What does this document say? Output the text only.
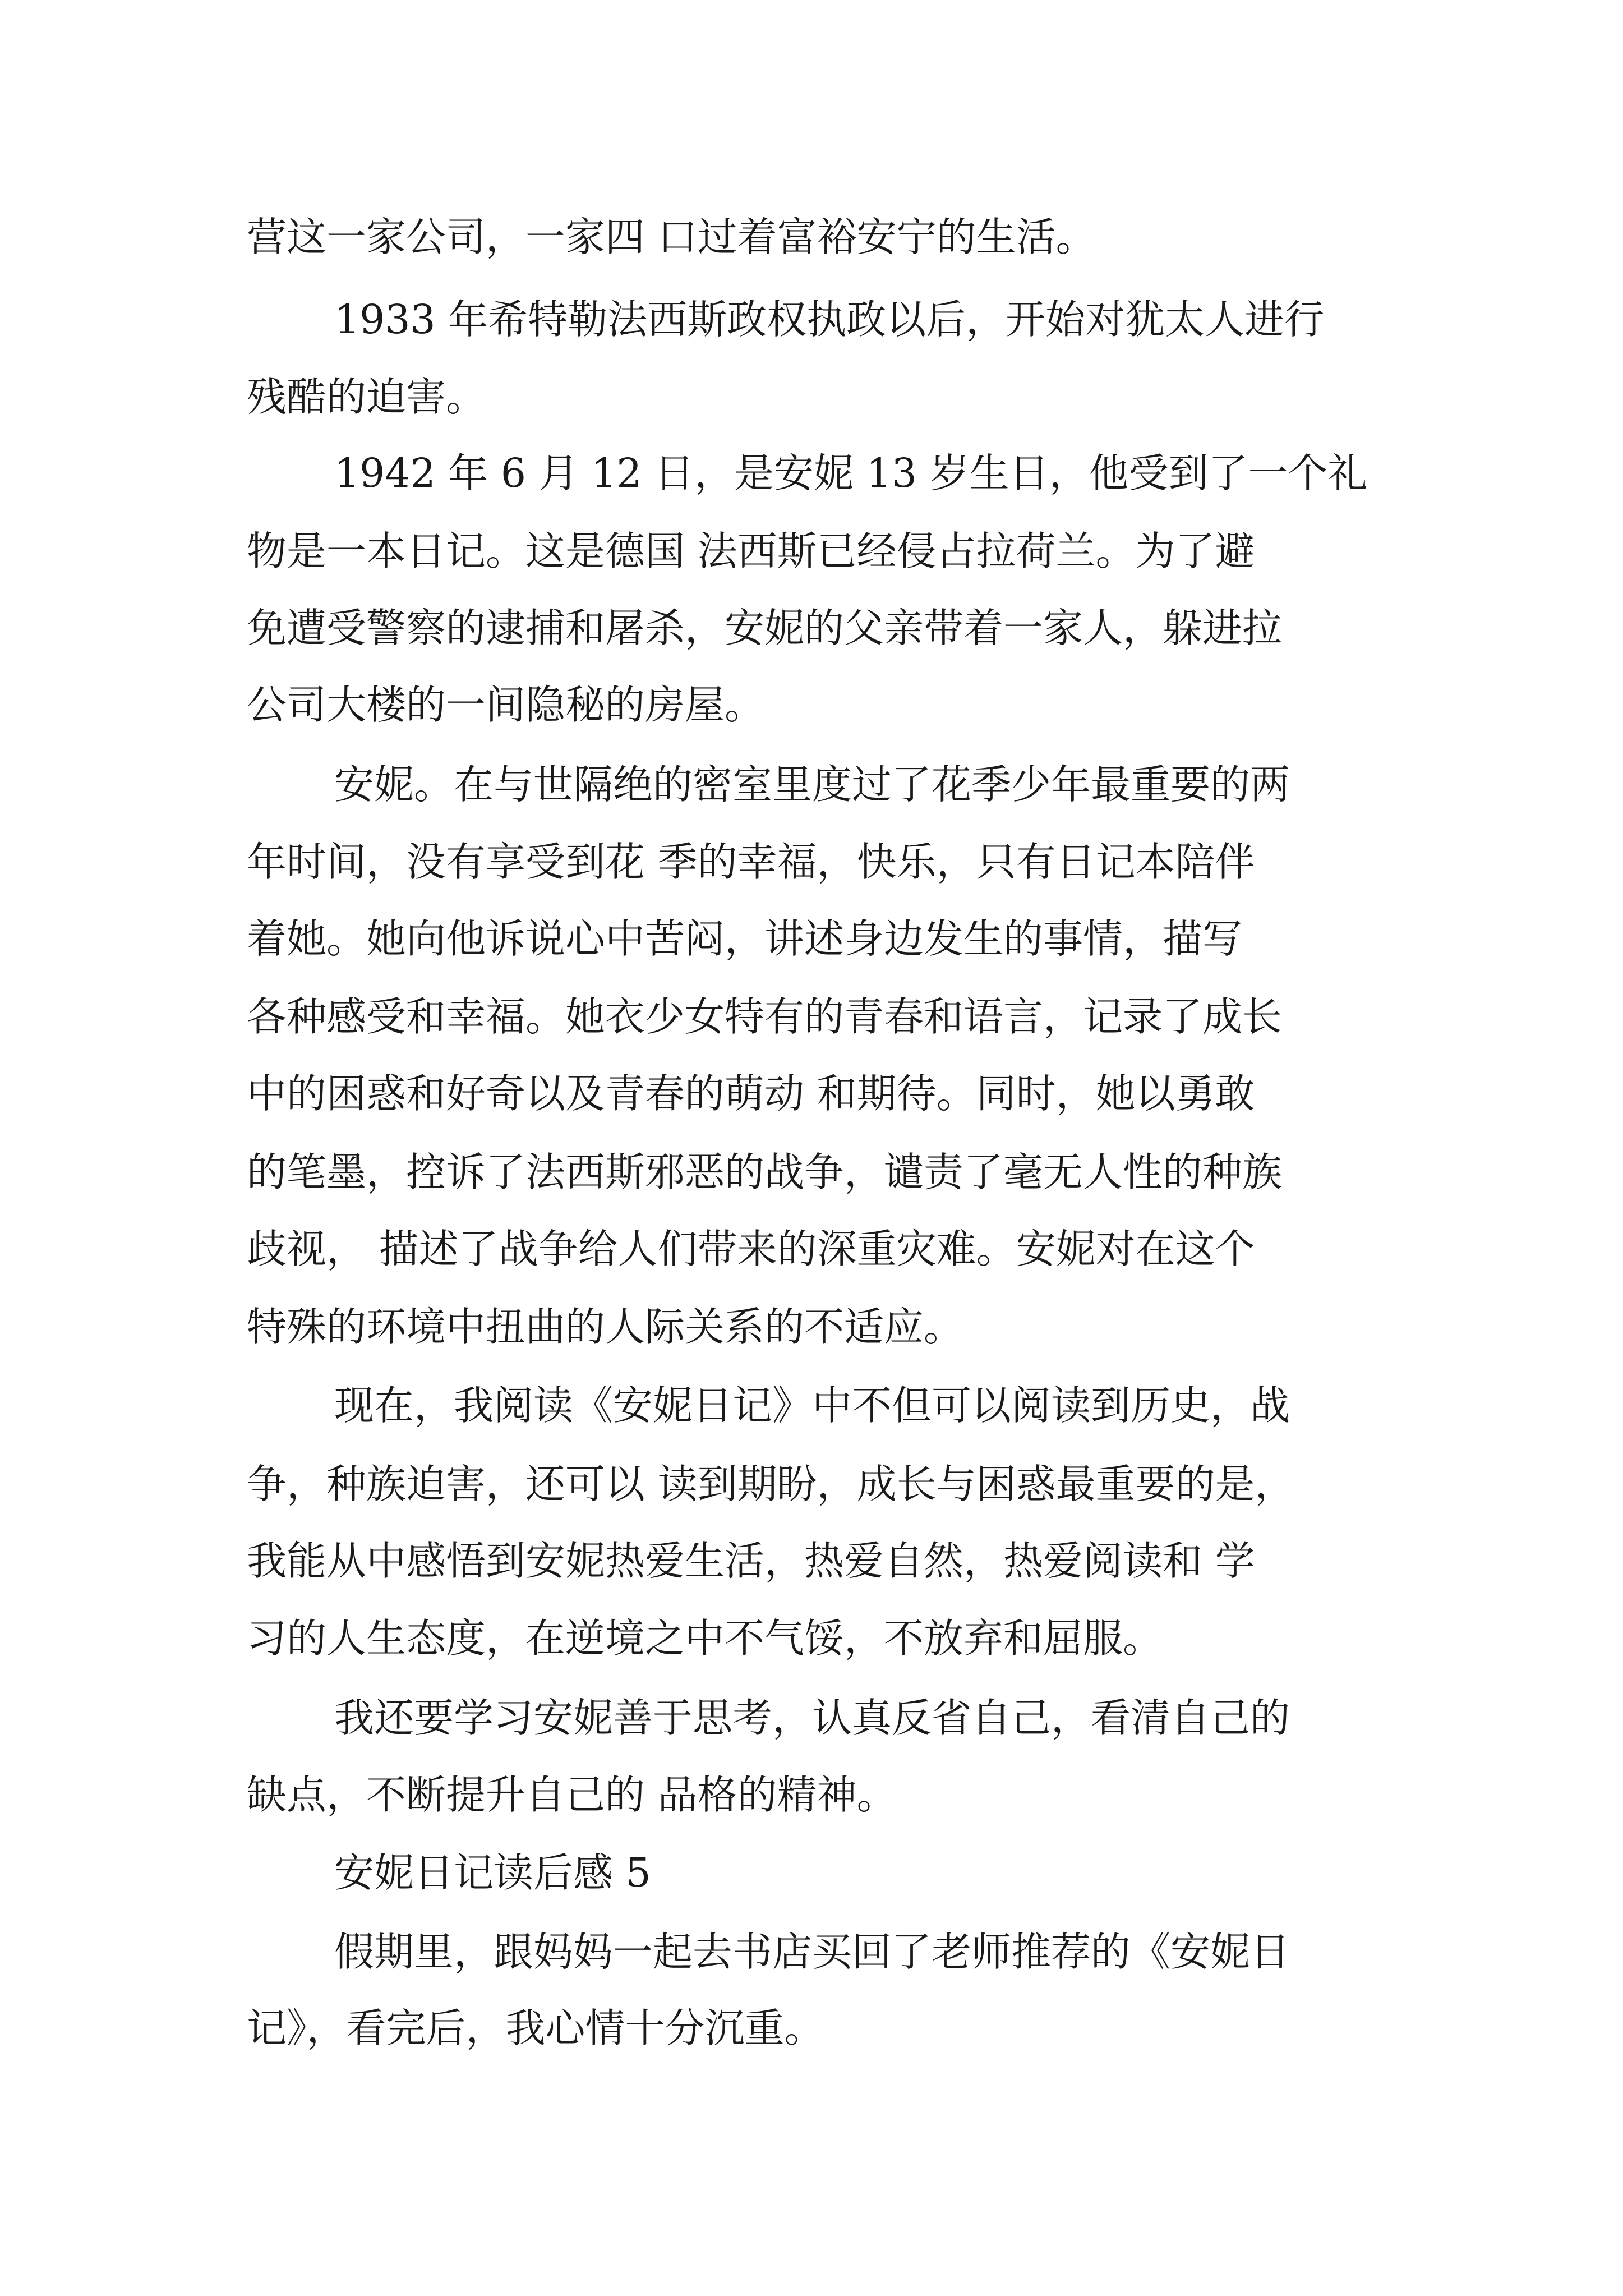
营这一家公司，一家四 口过着富裕安宁的生活。
1933 年希特勒法西斯政权执政以后，开始对犹太人进行
残酷的迫害。
1942 年 6 月 12 日，是安妮 13 岁生日，他受到了一个礼
物是一本日记。这是德国 法西斯已经侵占拉荷兰。为了避
免遭受警察的逮捕和屠杀，安妮的父亲带着一家人，躲进拉
公司大楼的一间隐秘的房屋。
安妮。在与世隔绝的密室里度过了花季少年最重要的两
年时间，没有享受到花 季的幸福，快乐，只有日记本陪伴
着她。她向他诉说心中苦闷，讲述身边发生的事情，描写
各种感受和幸福。她衣少女特有的青春和语言，记录了成长
中的困惑和好奇以及青春的萌动 和期待。同时，她以勇敢
的笔墨，控诉了法西斯邪恶的战争，谴责了毫无人性的种族
歧视， 描述了战争给人们带来的深重灾难。安妮对在这个
特殊的环境中扭曲的人际关系的不适应。
现在，我阅读《安妮日记》中不但可以阅读到历史，战
争，种族迫害，还可以 读到期盼，成长与困惑最重要的是，
我能从中感悟到安妮热爱生活，热爱自然，热爱阅读和 学
习的人生态度，在逆境之中不气馁，不放弃和屈服。
我还要学习安妮善于思考，认真反省自己，看清自己的
缺点，不断提升自己的 品格的精神。
安妮日记读后感 5
假期里，跟妈妈一起去书店买回了老师推荐的《安妮日
记》，看完后，我心情十分沉重。
